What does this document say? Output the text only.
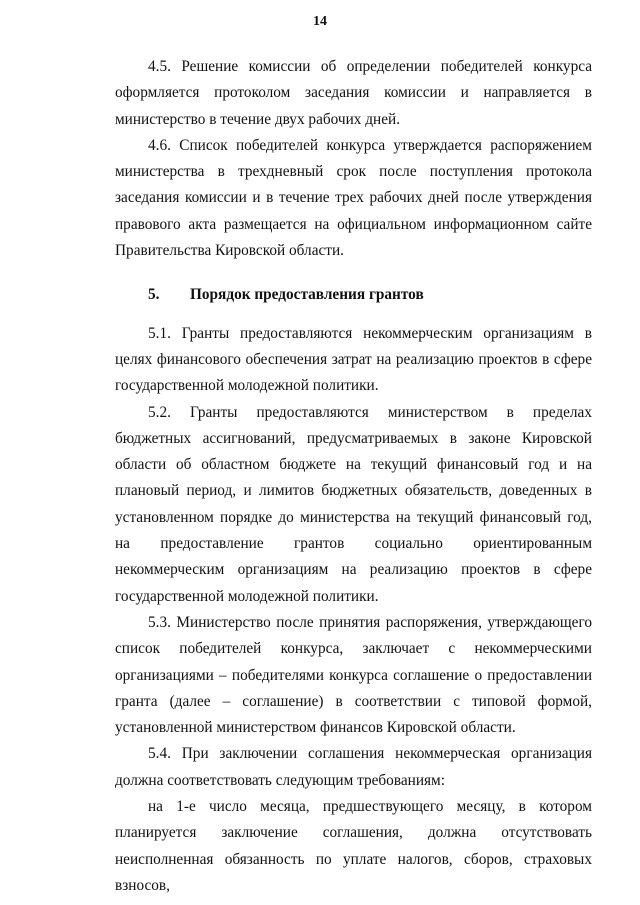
14

4.5. Решение комиссии об определении победителей конкурса оформляется протоколом заседания комиссии и направляется в министерство в течение двух рабочих дней.

4.6. Список победителей конкурса утверждается распоряжением министерства в трехдневный срок после поступления протокола заседания комиссии и в течение трех рабочих дней после утверждения правового акта размещается на официальном информационном сайте Правительства Кировской области.

5. Порядок предоставления грантов

5.1. Гранты предоставляются некоммерческим организациям в целях финансового обеспечения затрат на реализацию проектов в сфере государственной молодежной политики.

5.2. Гранты предоставляются министерством в пределах бюджетных ассигнований, предусматриваемых в законе Кировской области об областном бюджете на текущий финансовый год и на плановый период, и лимитов бюджетных обязательств, доведенных в установленном порядке до министерства на текущий финансовый год, на предоставление грантов социально ориентированным некоммерческим организациям на реализацию проектов в сфере государственной молодежной политики.

5.3. Министерство после принятия распоряжения, утверждающего список победителей конкурса, заключает с некоммерческими организациями – победителями конкурса соглашение о предоставлении гранта (далее – соглашение) в соответствии с типовой формой, установленной министерством финансов Кировской области.

5.4. При заключении соглашения некоммерческая организация должна соответствовать следующим требованиям:

на 1-е число месяца, предшествующего месяцу, в котором планируется заключение соглашения, должна отсутствовать неисполненная обязанность по уплате налогов, сборов, страховых взносов,
